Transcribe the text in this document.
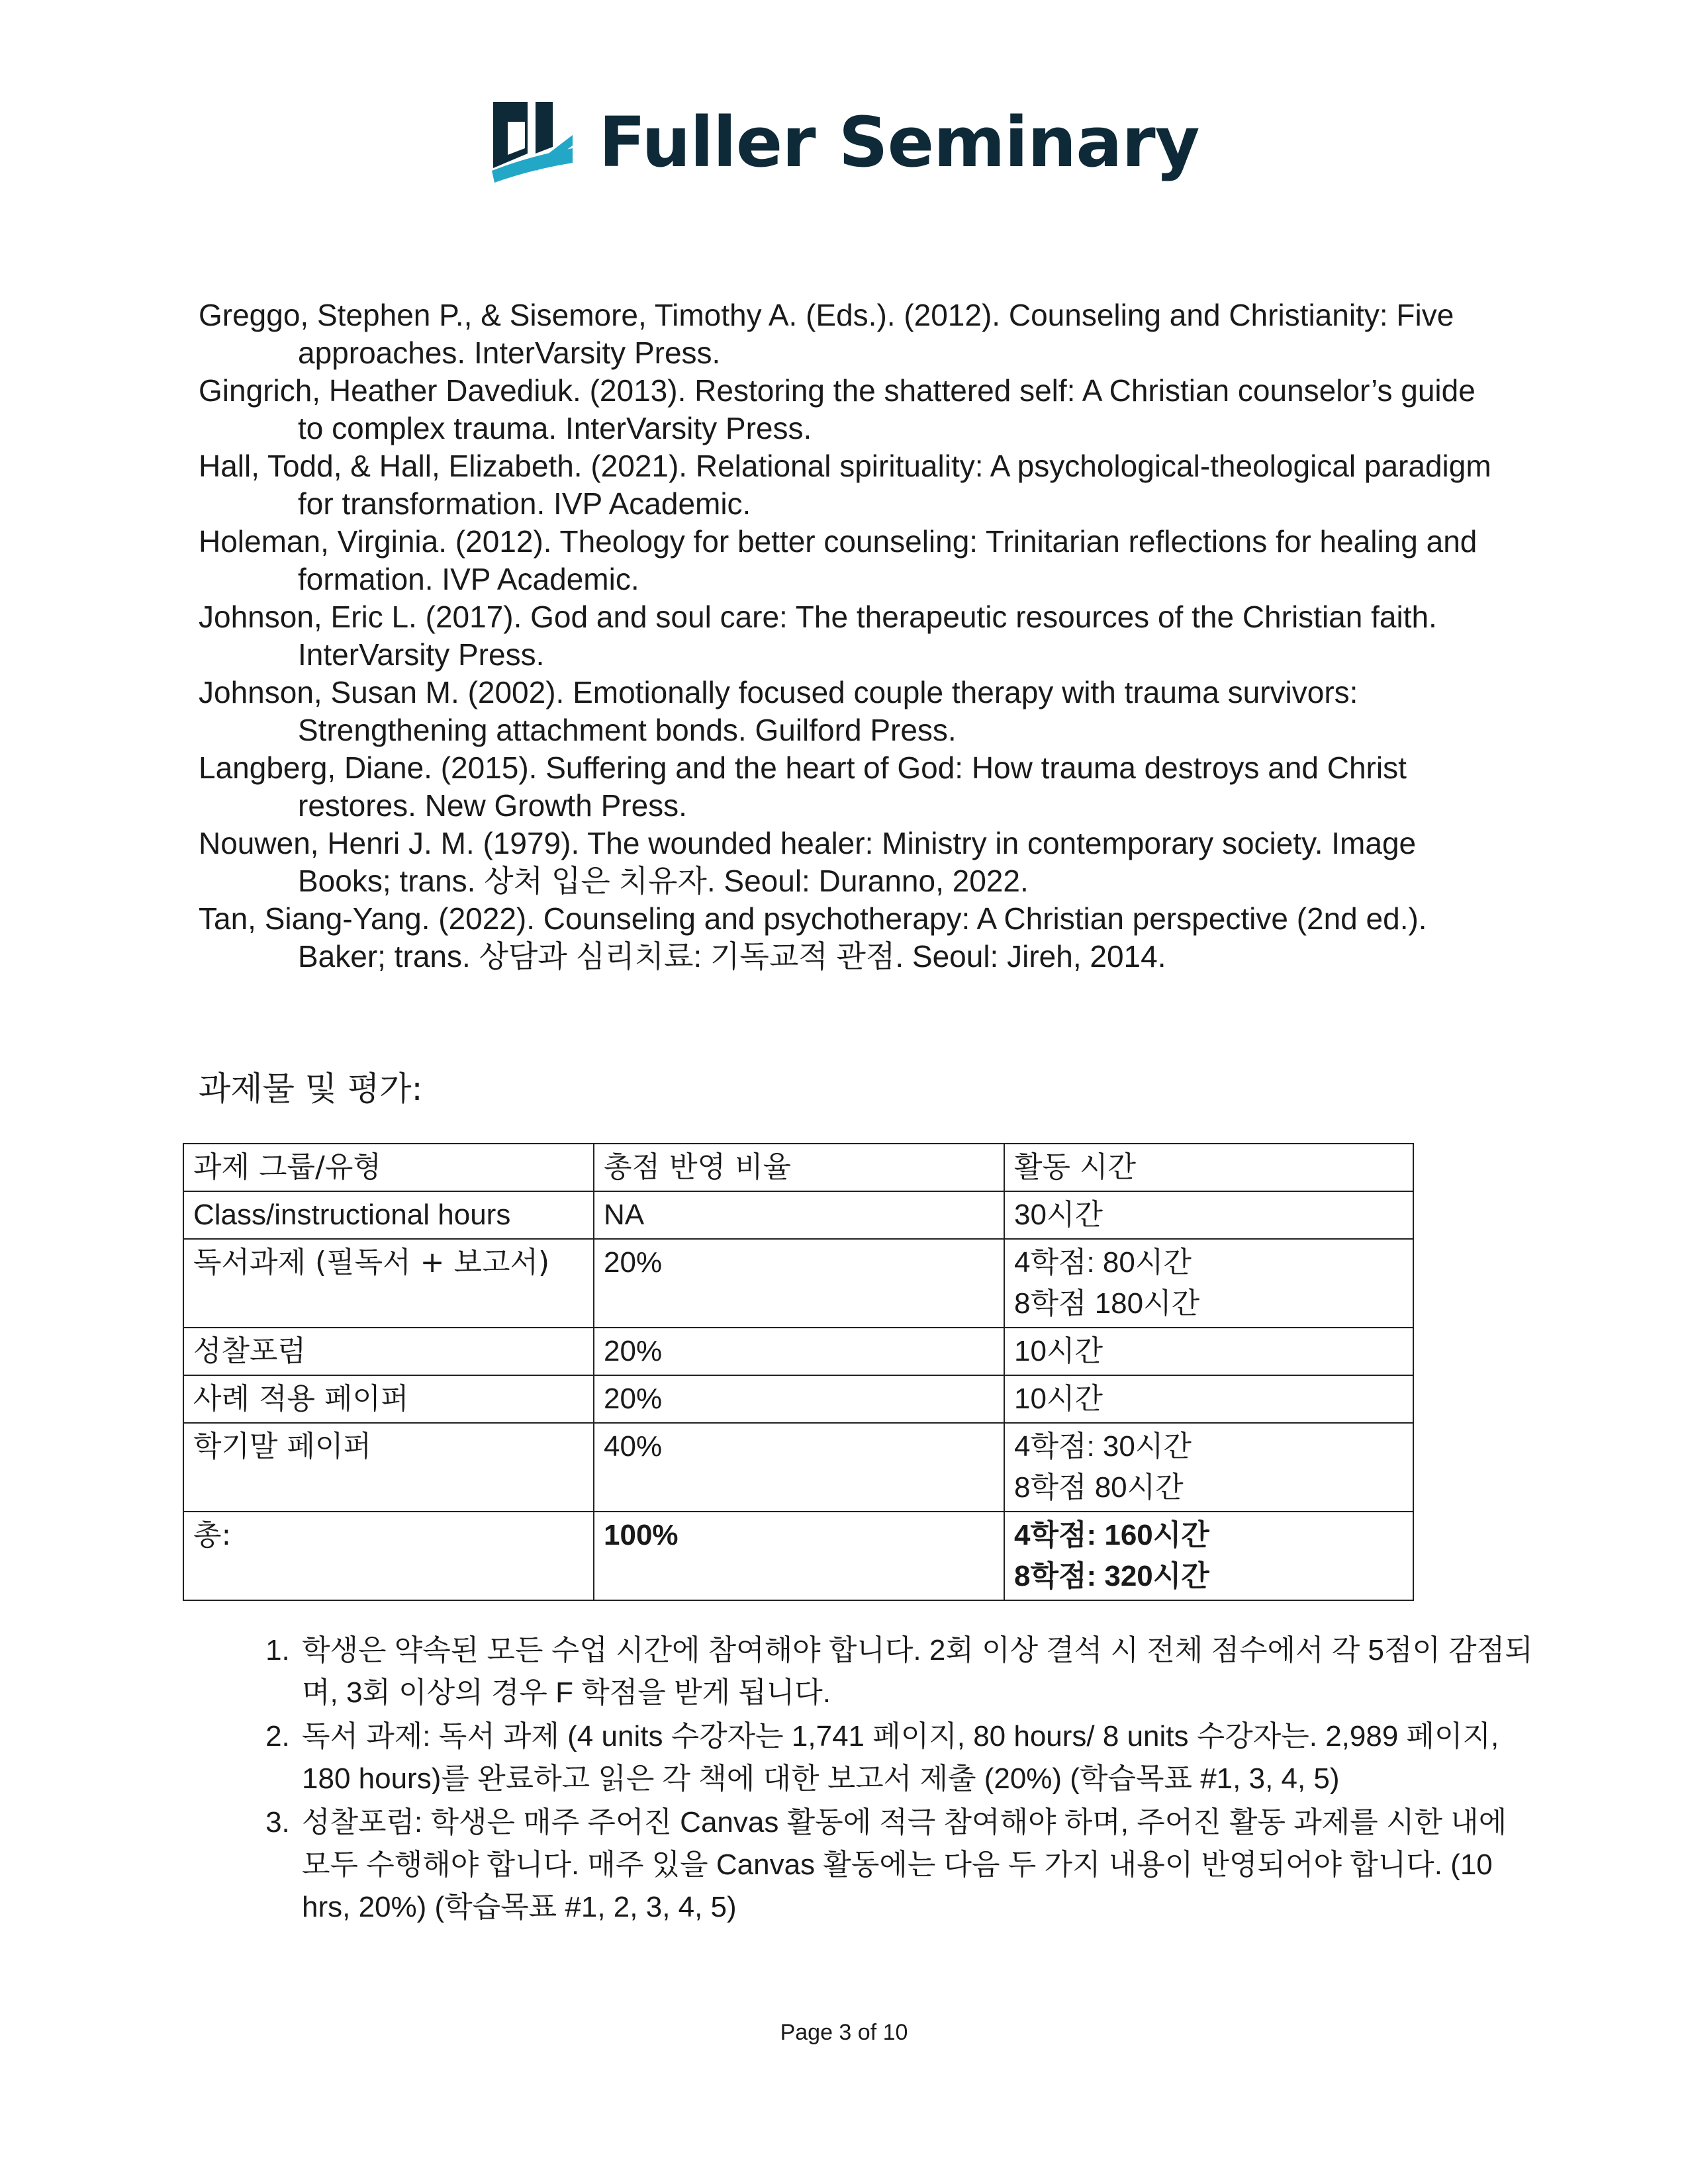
Fuller Seminary

Greggo, Stephen P., & Sisemore, Timothy A. (Eds.). (2012). Counseling and Christianity: Five approaches. InterVarsity Press.

Gingrich, Heather Davediuk. (2013). Restoring the shattered self: A Christian counselor’s guide to complex trauma. InterVarsity Press.

Hall, Todd, & Hall, Elizabeth. (2021). Relational spirituality: A psychological-theological paradigm for transformation. IVP Academic.

Holeman, Virginia. (2012). Theology for better counseling: Trinitarian reflections for healing and formation. IVP Academic.

Johnson, Eric L. (2017). God and soul care: The therapeutic resources of the Christian faith. InterVarsity Press.

Johnson, Susan M. (2002). Emotionally focused couple therapy with trauma survivors: Strengthening attachment bonds. Guilford Press.

Langberg, Diane. (2015). Suffering and the heart of God: How trauma destroys and Christ restores. New Growth Press.

Nouwen, Henri J. M. (1979). The wounded healer: Ministry in contemporary society. Image Books; trans. 상처 입은 치유자. Seoul: Duranno, 2022.

Tan, Siang-Yang. (2022). Counseling and psychotherapy: A Christian perspective (2nd ed.). Baker; trans. 상담과 심리치료: 기독교적 관점. Seoul: Jireh, 2014.

과제물 및 평가:
과제 그룹/유형	총점 반영 비율	활동 시간
Class/instructional hours	NA	30시간
독서과제 (필독서 + 보고서)	20%	4학점: 80시간
8학점 180시간
성찰포럼	20%	10시간
사례 적용 페이퍼	20%	10시간
학기말 페이퍼	40%	4학점: 30시간
8학점 80시간
총:	100%	4학점: 160시간
8학점: 320시간
1. 학생은 약속된 모든 수업 시간에 참여해야 합니다. 2회 이상 결석 시 전체 점수에서 각 5점이 감점되며, 3회 이상의 경우 F 학점을 받게 됩니다.
2. 독서 과제: 독서 과제 (4 units 수강자는 1,741 페이지, 80 hours/ 8 units 수강자는. 2,989 페이지, 180 hours)를 완료하고 읽은 각 책에 대한 보고서 제출 (20%) (학습목표 #1, 3, 4, 5)
3. 성찰포럼: 학생은 매주 주어진 Canvas 활동에 적극 참여해야 하며, 주어진 활동 과제를 시한 내에 모두 수행해야 합니다. 매주 있을 Canvas 활동에는 다음 두 가지 내용이 반영되어야 합니다. (10 hrs, 20%) (학습목표 #1, 2, 3, 4, 5)
Page 3 of 10
